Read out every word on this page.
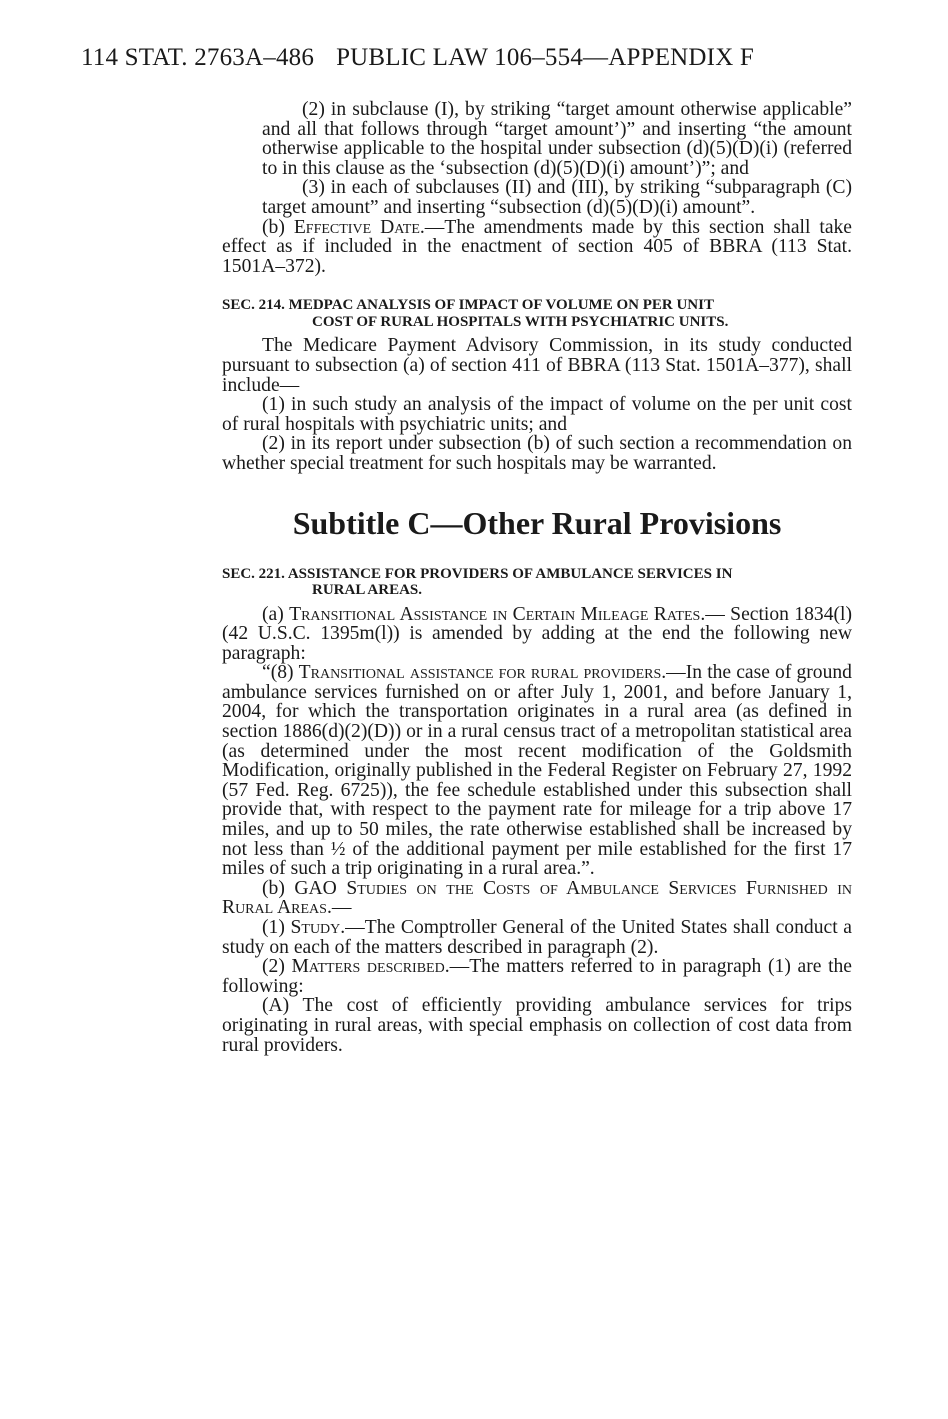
114 STAT. 2763A–486 PUBLIC LAW 106–554—APPENDIX F

(2) in subclause (I), by striking “target amount otherwise applicable” and all that follows through “target amount’)” and inserting “the amount otherwise applicable to the hospital under subsection (d)(5)(D)(i) (referred to in this clause as the ‘subsection (d)(5)(D)(i) amount’)”; and

(3) in each of subclauses (II) and (III), by striking “subparagraph (C) target amount” and inserting “subsection (d)(5)(D)(i) amount”.

(b) Effective Date.—The amendments made by this section shall take effect as if included in the enactment of section 405 of BBRA (113 Stat. 1501A–372).

SEC. 214. MEDPAC ANALYSIS OF IMPACT OF VOLUME ON PER UNIT
COST OF RURAL HOSPITALS WITH PSYCHIATRIC UNITS.

The Medicare Payment Advisory Commission, in its study conducted pursuant to subsection (a) of section 411 of BBRA (113 Stat. 1501A–377), shall include—

(1) in such study an analysis of the impact of volume on the per unit cost of rural hospitals with psychiatric units; and

(2) in its report under subsection (b) of such section a recommendation on whether special treatment for such hospitals may be warranted.

Subtitle C—Other Rural Provisions

SEC. 221. ASSISTANCE FOR PROVIDERS OF AMBULANCE SERVICES IN
RURAL AREAS.

(a) Transitional Assistance in Certain Mileage Rates.— Section 1834(l) (42 U.S.C. 1395m(l)) is amended by adding at the end the following new paragraph:

“(8) Transitional assistance for rural providers.—In the case of ground ambulance services furnished on or after July 1, 2001, and before January 1, 2004, for which the transportation originates in a rural area (as defined in section 1886(d)(2)(D)) or in a rural census tract of a metropolitan statistical area (as determined under the most recent modification of the Goldsmith Modification, originally published in the Federal Register on February 27, 1992 (57 Fed. Reg. 6725)), the fee schedule established under this subsection shall provide that, with respect to the payment rate for mileage for a trip above 17 miles, and up to 50 miles, the rate otherwise established shall be increased by not less than ½ of the additional payment per mile established for the first 17 miles of such a trip originating in a rural area.”.

(b) GAO Studies on the Costs of Ambulance Services Furnished in Rural Areas.—

(1) Study.—The Comptroller General of the United States shall conduct a study on each of the matters described in paragraph (2).

(2) Matters described.—The matters referred to in paragraph (1) are the following:

(A) The cost of efficiently providing ambulance services for trips originating in rural areas, with special emphasis on collection of cost data from rural providers.
